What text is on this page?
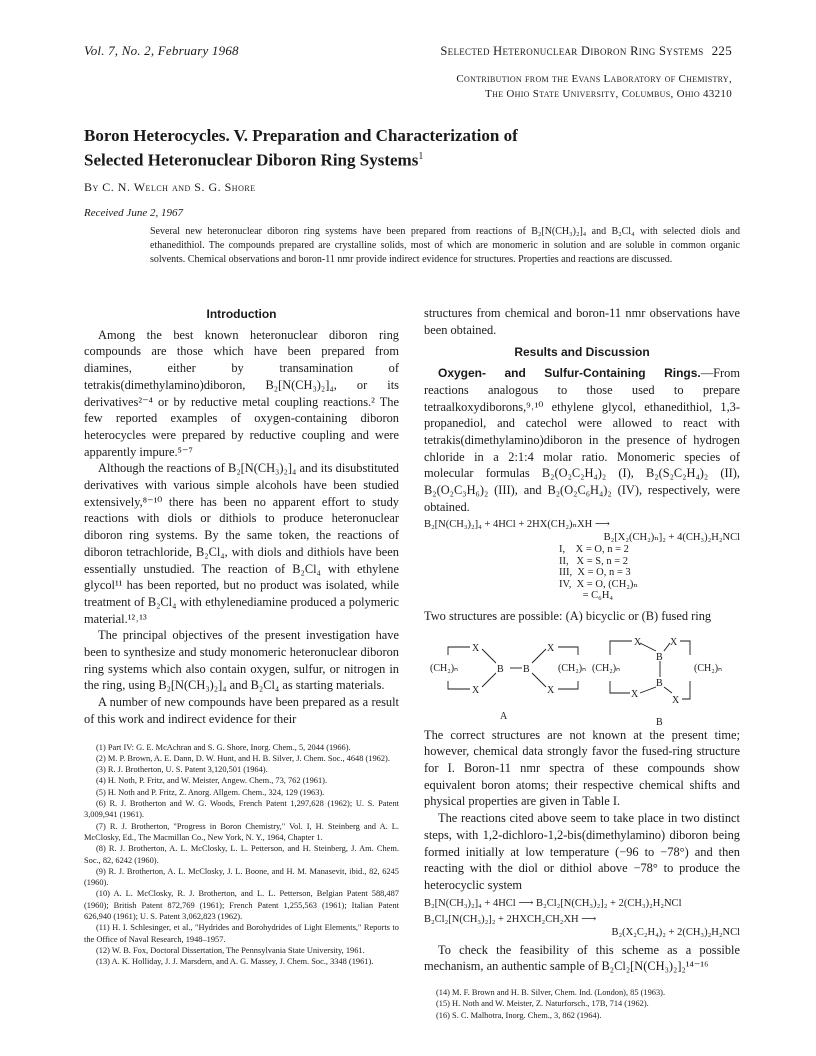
Vol. 7, No. 2, February 1968	Selected Heteronuclear Diboron Ring Systems 225
Contribution from the Evans Laboratory of Chemistry,
The Ohio State University, Columbus, Ohio 43210
Boron Heterocycles. V. Preparation and Characterization of
Selected Heteronuclear Diboron Ring Systems$^1$
By C. N. Welch and S. G. Shore
Received June 2, 1967
Several new heteronuclear diboron ring systems have been prepared from reactions of B₂[N(CH₃)₂]₄ and B₂Cl₄ with selected diols and ethanedithiol. The compounds prepared are crystalline solids, most of which are monomeric in solution and are soluble in common organic solvents. Chemical observations and boron-11 nmr provide indirect evidence for structures. Properties and reactions are discussed.
Introduction
Among the best known heteronuclear diboron ring compounds are those which have been prepared from diamines, either by transamination of tetrakis(dimethylamino)diboron, B₂[N(CH₃)₂]₄, or its derivatives²⁻⁴ or by reductive metal coupling reactions.² The few reported examples of oxygen-containing diboron heterocycles were prepared by reductive coupling and were apparently impure.⁵⁻⁷
Although the reactions of B₂[N(CH₃)₂]₄ and its disubstituted derivatives with various simple alcohols have been studied extensively,⁸⁻¹⁰ there has been no apparent effort to study reactions with diols or dithiols to produce heteronuclear diboron ring systems. By the same token, the reactions of diboron tetrachloride, B₂Cl₄, with diols and dithiols have been essentially unstudied. The reaction of B₂Cl₄ with ethylene glycol¹¹ has been reported, but no product was isolated, while treatment of B₂Cl₄ with ethylenediamine produced a polymeric material.¹²˒¹³
The principal objectives of the present investigation have been to synthesize and study monomeric heteronuclear diboron ring systems which also contain oxygen, sulfur, or nitrogen in the ring, using B₂[N(CH₃)₂]₄ and B₂Cl₄ as starting materials.
A number of new compounds have been prepared as a result of this work and indirect evidence for their
(1) Part IV: G. E. McAchran and S. G. Shore, Inorg. Chem., 5, 2044 (1966).
(2) M. P. Brown, A. E. Dann, D. W. Hunt, and H. B. Silver, J. Chem. Soc., 4648 (1962).
(3) R. J. Brotherton, U. S. Patent 3,120,501 (1964).
(4) H. Noth, P. Fritz, and W. Meister, Angew. Chem., 73, 762 (1961).
(5) H. Noth and P. Fritz, Z. Anorg. Allgem. Chem., 324, 129 (1963).
(6) R. J. Brotherton and W. G. Woods, French Patent 1,297,628 (1962); U. S. Patent 3,009,941 (1961).
(7) R. J. Brotherton, "Progress in Boron Chemistry," Vol. I, H. Steinberg and A. L. McClosky, Ed., The Macmillan Co., New York, N. Y., 1964, Chapter 1.
(8) R. J. Brotherton, A. L. McClosky, L. L. Petterson, and H. Steinberg, J. Am. Chem. Soc., 82, 6242 (1960).
(9) R. J. Brotherton, A. L. McClosky, J. L. Boone, and H. M. Manasevit, ibid., 82, 6245 (1960).
(10) A. L. McClosky, R. J. Brotherton, and L. L. Petterson, Belgian Patent 588,487 (1960); British Patent 872,769 (1961); French Patent 1,255,563 (1961); Italian Patent 626,940 (1961); U. S. Patent 3,062,823 (1962).
(11) H. I. Schlesinger, et al., "Hydrides and Borohydrides of Light Elements," Reports to the Office of Naval Research, 1948–1957.
(12) W. B. Fox, Doctoral Dissertation, The Pennsylvania State University, 1961.
(13) A. K. Holliday, J. J. Marsdern, and A. G. Massey, J. Chem. Soc., 3348 (1961).
structures from chemical and boron-11 nmr observations have been obtained.
Results and Discussion
Oxygen- and Sulfur-Containing Rings.—From reactions analogous to those used to prepare tetraalkoxydiborons,⁹˒¹⁰ ethylene glycol, ethanedithiol, 1,3-propanediol, and catechol were allowed to react with tetrakis(dimethylamino)diboron in the presence of hydrogen chloride in a 2:1:4 molar ratio. Monomeric species of molecular formulas B₂(O₂C₂H₄)₂ (I), B₂(S₂C₂H₄)₂ (II), B₂(O₂C₃H₆)₂ (III), and B₂(O₂C₆H₄)₂ (IV), respectively, were obtained.
B₂[N(CH₃)₂]₄ + 4HCl + 2HX(CH₂)ₙXH ⟶
B₂[X₂(CH₂)ₙ]₂ + 4(CH₃)₂H₂NCl
I,    X = O, n = 2
II,   X = S, n = 2
III,  X = O, n = 3
IV,  X = O, (CH₂)ₙ
= C₆H₄
Two structures are possible: (A) bicyclic or (B) fused ring
X
X
(CH₂)ₙ	B B
X
X
(CH₂)ₙ
X	X
B
B
X
X
(CH₂)ₙ	(CH₂)ₙ
A
B
The correct structures are not known at the present time; however, chemical data strongly favor the fused-ring structure for I. Boron-11 nmr spectra of these compounds show equivalent boron atoms; their respective chemical shifts and physical properties are given in Table I.
The reactions cited above seem to take place in two distinct steps, with 1,2-dichloro-1,2-bis(dimethylamino) diboron being formed initially at low temperature (−96 to −78°) and then reacting with the diol or dithiol above −78° to produce the heterocyclic system
B₂[N(CH₃)₂]₄ + 4HCl ⟶ B₂Cl₂[N(CH₃)₂]₂ + 2(CH₃)₂H₂NCl
B₂Cl₂[N(CH₃)₂]₂ + 2HXCH₂CH₂XH ⟶
B₂(X₂C₂H₄)₂ + 2(CH₃)₂H₂NCl
To check the feasibility of this scheme as a possible mechanism, an authentic sample of B₂Cl₂[N(CH₃)₂]₂¹⁴⁻¹⁶
(14) M. F. Brown and H. B. Silver, Chem. Ind. (London), 85 (1963).
(15) H. Noth and W. Meister, Z. Naturforsch., 17B, 714 (1962).
(16) S. C. Malhotra, Inorg. Chem., 3, 862 (1964).
